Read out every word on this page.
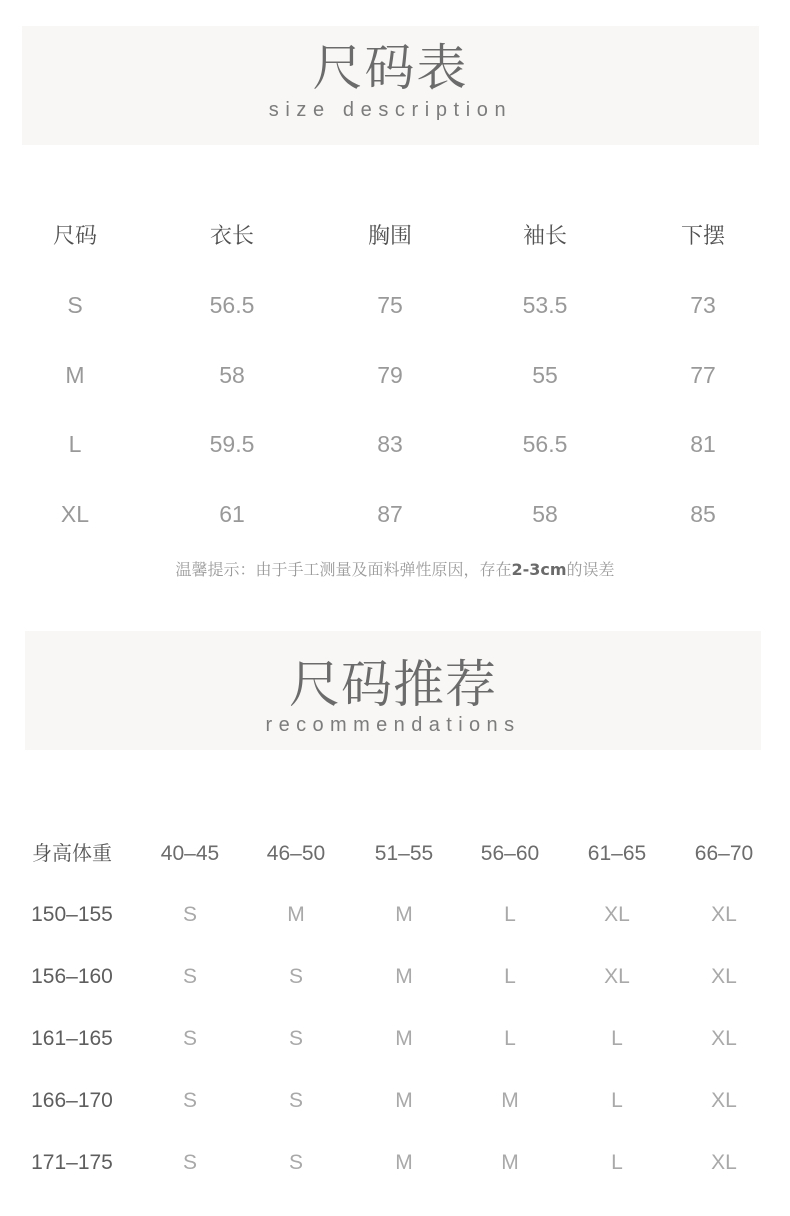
尺码表
size description
尺码	衣长	胸围	袖长	下摆
S	56.5	75	53.5	73
M	58	79	55	77
L	59.5	83	56.5	81
XL	61	87	58	85
温馨提示：由于手工测量及面料弹性原因，存在2-3cm的误差
尺码推荐
recommendations
身高体重	40–45	46–50	51–55	56–60	61–65	66–70
150–155	S	M	M	L	XL	XL
156–160	S	S	M	L	XL	XL
161–165	S	S	M	L	L	XL
166–170	S	S	M	M	L	XL
171–175	S	S	M	M	L	XL
